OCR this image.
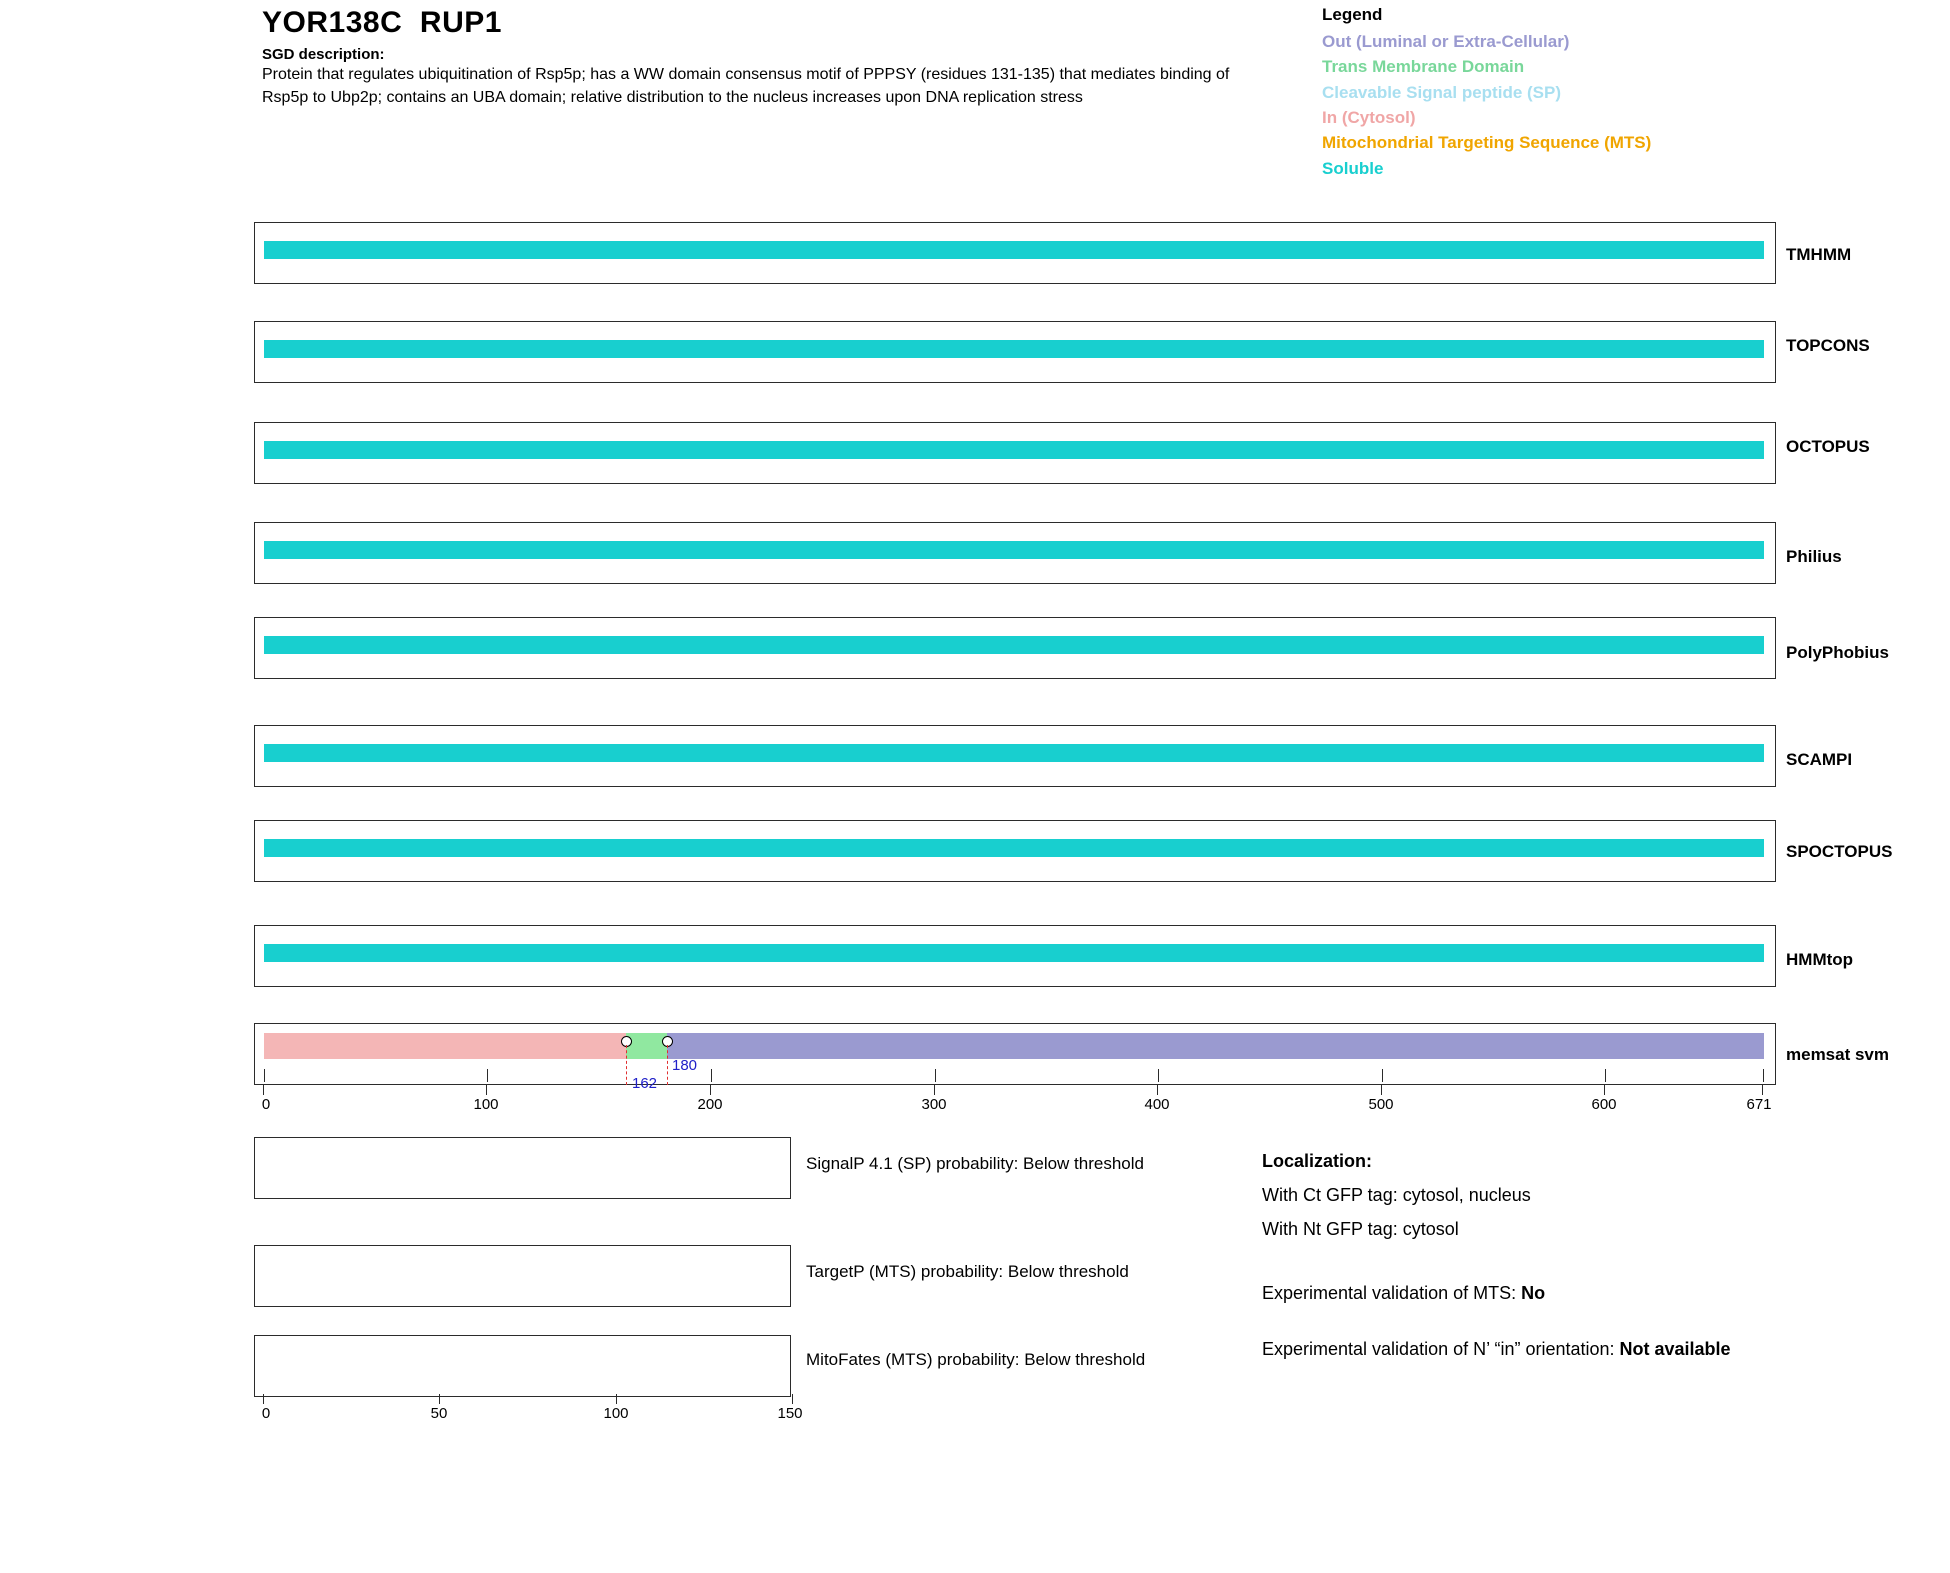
YOR138C  RUP1
SGD description:
Protein that regulates ubiquitination of Rsp5p; has a WW domain consensus motif of PPPSY (residues 131-135) that mediates binding of Rsp5p to Ubp2p; contains an UBA domain; relative distribution to the nucleus increases upon DNA replication stress
Legend
Out (Luminal or Extra-Cellular)
Trans Membrane Domain
Cleavable Signal peptide (SP)
In (Cytosol)
Mitochondrial Targeting Sequence (MTS)
Soluble
TMHMM
TOPCONS
OCTOPUS
Philius
PolyPhobius
SCAMPI
SPOCTOPUS
HMMtop
162
180
memsat svm
0	100	200	300	400	500	600	671
SignalP 4.1 (SP) probability: Below threshold
TargetP (MTS) probability: Below threshold
MitoFates (MTS) probability: Below threshold
0	50	100	150
Localization:
With Ct GFP tag: cytosol, nucleus
With Nt GFP tag: cytosol
Experimental validation of MTS: No
Experimental validation of N’ “in” orientation: Not available
